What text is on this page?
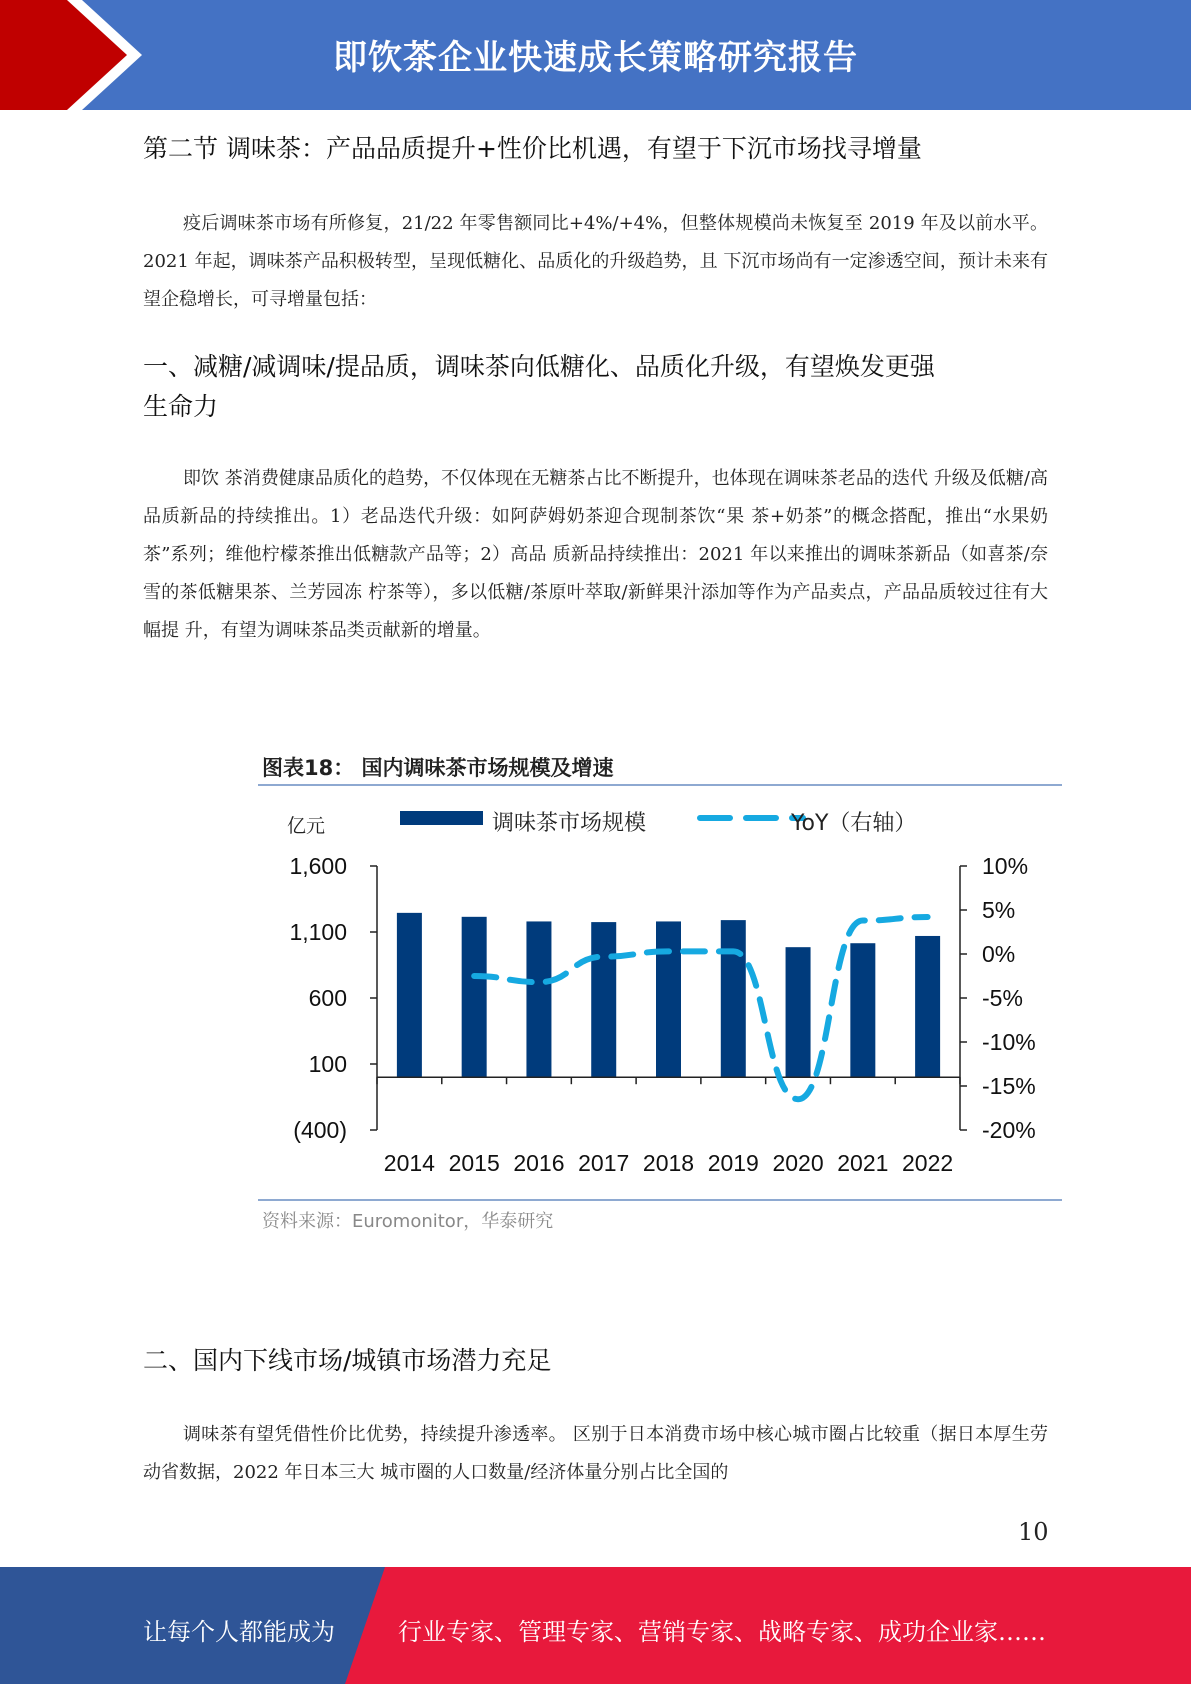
即饮茶企业快速成长策略研究报告
第二节 调味茶：产品品质提升+性价比机遇，有望于下沉市场找寻增量

疫后调味茶市场有所修复，21/22 年零售额同比+4%/+4%，但整体规模尚未恢复至 2019 年及以前水平。2021 年起，调味茶产品积极转型，呈现低糖化、品质化的升级趋势，且 下沉市场尚有一定渗透空间，预计未来有望企稳增长，可寻增量包括：

一、减糖/减调味/提品质，调味茶向低糖化、品质化升级，有望焕发更强
生命力

即饮 茶消费健康品质化的趋势，不仅体现在无糖茶占比不断提升，也体现在调味茶老品的迭代 升级及低糖/高品质新品的持续推出。1）老品迭代升级：如阿萨姆奶茶迎合现制茶饮“果 茶+奶茶”的概念搭配，推出“水果奶茶”系列；维他柠檬茶推出低糖款产品等；2）高品 质新品持续推出：2021 年以来推出的调味茶新品（如喜茶/奈雪的茶低糖果茶、兰芳园冻 柠茶等），多以低糖/茶原叶萃取/新鲜果汁添加等作为产品卖点，产品品质较过往有大幅提 升，有望为调味茶品类贡献新的增量。

图表18： 国内调味茶市场规模及增速
亿元	调味茶市场规模	YoY（右轴）
1,600
1,100
600
100
(400)
10%
5%
0%
-5%
-10%
-15%
-20%
2014 2015 2016 2017 2018 2019 2020 2021 2022
资料来源：Euromonitor，华泰研究
二、国内下线市场/城镇市场潜力充足

调味茶有望凭借性价比优势，持续提升渗透率。 区别于日本消费市场中核心城市圈占比较重（据日本厚生劳动省数据，2022 年日本三大 城市圈的人口数量/经济体量分别占比全国的

10
让每个人都能成为	行业专家、管理专家、营销专家、战略专家、成功企业家……
